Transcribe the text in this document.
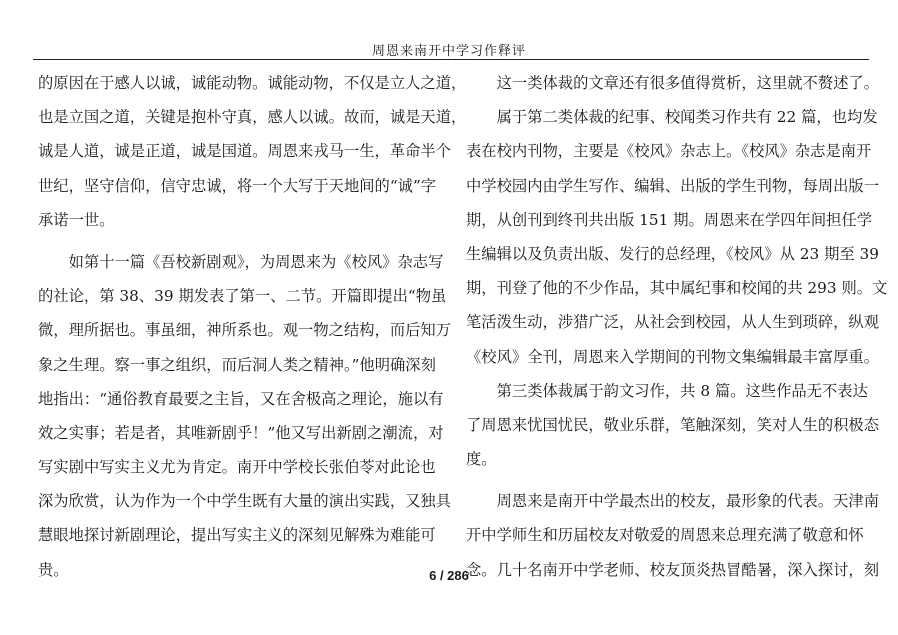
周恩来南开中学习作释评
的原因在于感人以诚，诚能动物。诚能动物，不仅是立人之道，
也是立国之道，关键是抱朴守真，感人以诚。故而，诚是天道，
诚是人道，诚是正道，诚是国道。周恩来戎马一生，革命半个
世纪，坚守信仰，信守忠诚，将一个大写于天地间的“诚”字
承诺一世。
　　如第十一篇《吾校新剧观》，为周恩来为《校风》杂志写
的社论，第 38、39 期发表了第一、二节。开篇即提出“物虽
微，理所据也。事虽细，神所系也。观一物之结构，而后知万
象之生理。察一事之组织，而后洞人类之精神。”他明确深刻
地指出：“通俗教育最要之主旨，又在舍极高之理论，施以有
效之实事；若是者，其唯新剧乎！”他又写出新剧之潮流，对
写实剧中写实主义尤为肯定。南开中学校长张伯苓对此论也
深为欣赏，认为作为一个中学生既有大量的演出实践，又独具
慧眼地探讨新剧理论，提出写实主义的深刻见解殊为难能可
贵。
　　这一类体裁的文章还有很多值得赏析，这里就不赘述了。
　　属于第二类体裁的纪事、校闻类习作共有 22 篇，也均发
表在校内刊物，主要是《校风》杂志上。《校风》杂志是南开
中学校园内由学生写作、编辑、出版的学生刊物，每周出版一
期，从创刊到终刊共出版 151 期。周恩来在学四年间担任学
生编辑以及负责出版、发行的总经理，《校风》从 23 期至 39
期，刊登了他的不少作品，其中属纪事和校闻的共 293 则。文
笔活泼生动，涉猎广泛，从社会到校园，从人生到琐碎，纵观
《校风》全刊，周恩来入学期间的刊物文集编辑最丰富厚重。
　　第三类体裁属于韵文习作，共 8 篇。这些作品无不表达
了周恩来忧国忧民，敬业乐群，笔触深刻，笑对人生的积极态
度。
　　周恩来是南开中学最杰出的校友，最形象的代表。天津南
开中学师生和历届校友对敬爱的周恩来总理充满了敬意和怀
念。几十名南开中学老师、校友顶炎热冒酷暑，深入探讨，刻
6 / 286
